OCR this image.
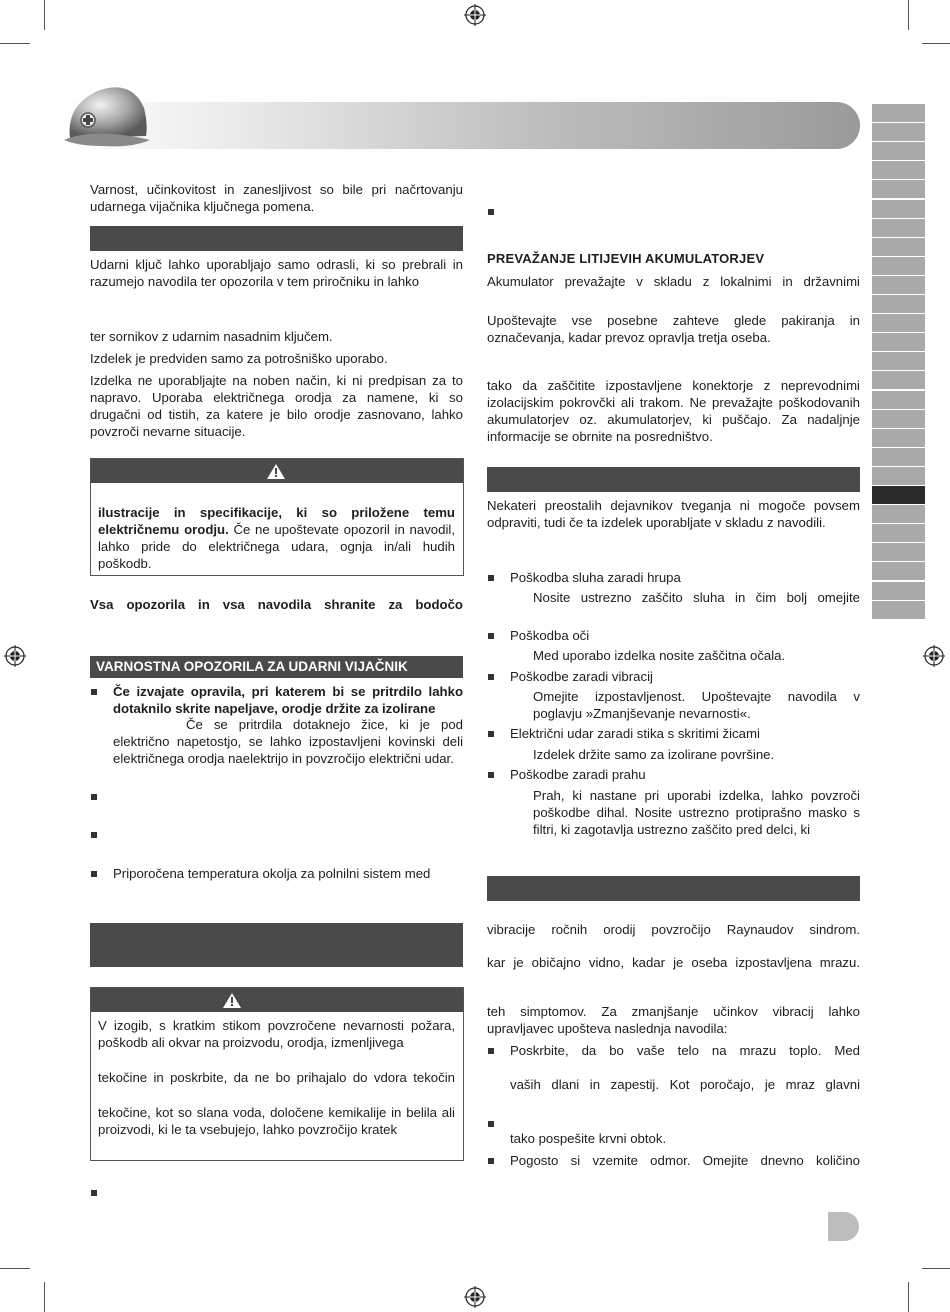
Varnost, učinkovitost in zanesljivost so bile pri načrtovanju udarnega vijačnika ključnega pomena.
Udarni ključ lahko uporabljajo samo odrasli, ki so prebrali in razumejo navodila ter opozorila v tem priročniku in lahko
ter sornikov z udarnim nasadnim ključem.
Izdelek je predviden samo za potrošniško uporabo.
Izdelka ne uporabljajte na noben način, ki ni predpisan za to napravo. Uporaba električnega orodja za namene, ki so drugačni od tistih, za katere je bilo orodje zasnovano, lahko povzroči nevarne situacije.
ilustracije in specifikacije, ki so priložene temu električnemu orodju. Če ne upoštevate opozoril in navodil, lahko pride do električnega udara, ognja in/ali hudih poškodb.
Vsa opozorila in vsa navodila shranite za bodočo
VARNOSTNA OPOZORILA ZA UDARNI VIJAČNIK
Če izvajate opravila, pri katerem bi se pritrdilo lahko dotaknilo skrite napeljave, orodje držite za izolirane
Če se pritrdila dotaknejo žice, ki je pod električno napetostjo, se lahko izpostavljeni kovinski deli električnega orodja naelektrijo in povzročijo električni udar.
Priporočena temperatura okolja za polnilni sistem med
V izogib, s kratkim stikom povzročene nevarnosti požara, poškodb ali okvar na proizvodu, orodja, izmenljivega
tekočine in poskrbite, da ne bo prihajalo do vdora tekočin
tekočine, kot so slana voda, določene kemikalije in belila ali proizvodi, ki le ta vsebujejo, lahko povzročijo kratek
PREVAŽANJE LITIJEVIH AKUMULATORJEV
Akumulator prevažajte v skladu z lokalnimi in državnimi
Upoštevajte vse posebne zahteve glede pakiranja in označevanja, kadar prevoz opravlja tretja oseba.
tako da zaščitite izpostavljene konektorje z neprevodnimi izolacijskim pokrovčki ali trakom. Ne prevažajte poškodovanih akumulatorjev oz. akumulatorjev, ki puščajo. Za nadaljnje informacije se obrnite na posredništvo.
Nekateri preostalih dejavnikov tveganja ni mogoče povsem odpraviti, tudi če ta izdelek uporabljate v skladu z navodili.
Poškodba sluha zaradi hrupa
Nosite ustrezno zaščito sluha in čim bolj omejite
Poškodba oči
Med uporabo izdelka nosite zaščitna očala.
Poškodbe zaradi vibracij
Omejite izpostavljenost. Upoštevajte navodila v poglavju »Zmanjševanje nevarnosti«.
Električni udar zaradi stika s skritimi žicami
Izdelek držite samo za izolirane površine.
Poškodbe zaradi prahu
Prah, ki nastane pri uporabi izdelka, lahko povzroči poškodbe dihal. Nosite ustrezno protiprašno masko s filtri, ki zagotavlja ustrezno zaščito pred delci, ki
vibracije ročnih orodij povzročijo Raynaudov sindrom.
kar je običajno vidno, kadar je oseba izpostavljena mrazu.
teh simptomov. Za zmanjšanje učinkov vibracij lahko upravljavec upošteva naslednja navodila:
Poskrbite, da bo vaše telo na mrazu toplo. Med
vaših dlani in zapestij. Kot poročajo, je mraz glavni
tako pospešite krvni obtok.
Pogosto si vzemite odmor. Omejite dnevno količino
